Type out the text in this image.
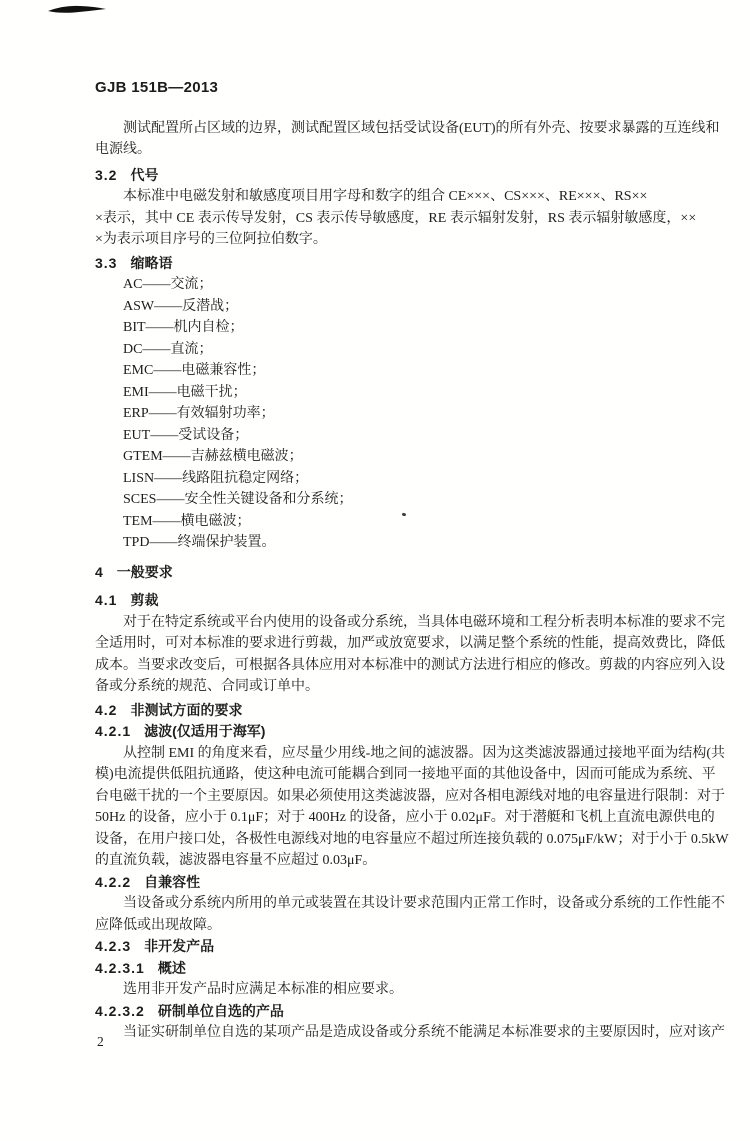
GJB 151B—2013
测试配置所占区域的边界，测试配置区域包括受试设备(EUT)的所有外壳、按要求暴露的互连线和
电源线。
3.2 代号
本标准中电磁发射和敏感度项目用字母和数字的组合 CE×××、CS×××、RE×××、RS××
×表示，其中 CE 表示传导发射，CS 表示传导敏感度，RE 表示辐射发射，RS 表示辐射敏感度，××
×为表示项目序号的三位阿拉伯数字。
3.3 缩略语
AC——交流；
ASW——反潜战；
BIT——机内自检；
DC——直流；
EMC——电磁兼容性；
EMI——电磁干扰；
ERP——有效辐射功率；
EUT——受试设备；
GTEM——吉赫兹横电磁波；
LISN——线路阻抗稳定网络；
SCES——安全性关键设备和分系统；
TEM——横电磁波；
TPD——终端保护装置。
4 一般要求
4.1 剪裁
对于在特定系统或平台内使用的设备或分系统，当具体电磁环境和工程分析表明本标准的要求不完
全适用时，可对本标准的要求进行剪裁，加严或放宽要求，以满足整个系统的性能，提高效费比，降低
成本。当要求改变后，可根据各具体应用对本标准中的测试方法进行相应的修改。剪裁的内容应列入设
备或分系统的规范、合同或订单中。
4.2 非测试方面的要求
4.2.1 滤波(仅适用于海军)
从控制 EMI 的角度来看，应尽量少用线-地之间的滤波器。因为这类滤波器通过接地平面为结构(共
模)电流提供低阻抗通路，使这种电流可能耦合到同一接地平面的其他设备中，因而可能成为系统、平
台电磁干扰的一个主要原因。如果必须使用这类滤波器，应对各相电源线对地的电容量进行限制：对于
50Hz 的设备，应小于 0.1μF；对于 400Hz 的设备，应小于 0.02μF。对于潜艇和飞机上直流电源供电的
设备，在用户接口处，各极性电源线对地的电容量应不超过所连接负载的 0.075μF/kW；对于小于 0.5kW
的直流负载，滤波器电容量不应超过 0.03μF。
4.2.2 自兼容性
当设备或分系统内所用的单元或装置在其设计要求范围内正常工作时，设备或分系统的工作性能不
应降低或出现故障。
4.2.3 非开发产品
4.2.3.1 概述
选用非开发产品时应满足本标准的相应要求。
4.2.3.2 研制单位自选的产品
当证实研制单位自选的某项产品是造成设备或分系统不能满足本标准要求的主要原因时，应对该产
2
